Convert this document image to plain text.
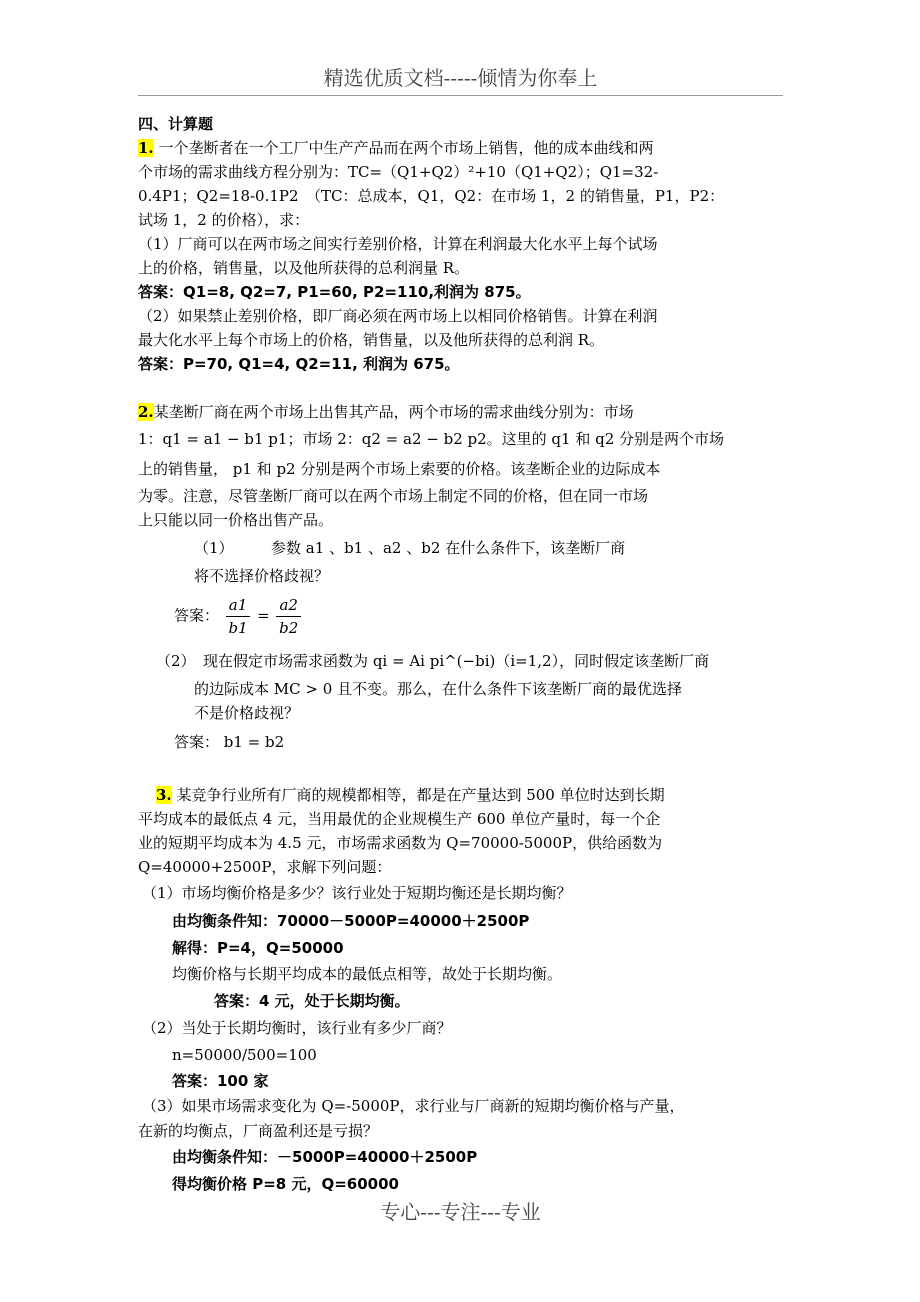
精选优质文档-----倾情为你奉上
四、计算题
1. 一个垄断者在一个工厂中生产产品而在两个市场上销售，他的成本曲线和两
个市场的需求曲线方程分别为：TC=（Q1+Q2）²+10（Q1+Q2）；Q1=32-
0.4P1；Q2=18-0.1P2　（TC：总成本，Q1，Q2：在市场 1，2 的销售量，P1，P2：
试场 1，2 的价格），求：
（1）厂商可以在两市场之间实行差别价格，计算在利润最大化水平上每个试场
上的价格，销售量，以及他所获得的总利润量 R。
答案：Q1=8, Q2=7, P1=60, P2=110,利润为 875。
（2）如果禁止差别价格，即厂商必须在两市场上以相同价格销售。计算在利润
最大化水平上每个市场上的价格，销售量，以及他所获得的总利润 R。
答案：P=70, Q1=4, Q2=11, 利润为 675。
2.某垄断厂商在两个市场上出售其产品，两个市场的需求曲线分别为：市场
1：q1 = a1 − b1 p1；市场 2：q2 = a2 − b2 p2。这里的 q1 和 q2 分别是两个市场
上的销售量， p1 和 p2 分别是两个市场上索要的价格。该垄断企业的边际成本
为零。注意，尽管垄断厂商可以在两个市场上制定不同的价格，但在同一市场
上只能以同一价格出售产品。
（1）　　　参数 a1 、b1 、a2 、b2 在什么条件下，该垄断厂商
将不选择价格歧视？
答案： $\frac{a1}{b1} = \frac{a2}{b2}$
（2）　现在假定市场需求函数为 qi = Ai pi^(−bi)（i=1,2），同时假定该垄断厂商
的边际成本 MC > 0 且不变。那么，在什么条件下该垄断厂商的最优选择
不是价格歧视？
答案： b1 = b2
3. 某竞争行业所有厂商的规模都相等，都是在产量达到 500 单位时达到长期
平均成本的最低点 4 元，当用最优的企业规模生产 600 单位产量时，每一个企
业的短期平均成本为 4.5 元，市场需求函数为 Q=70000-5000P，供给函数为
Q=40000+2500P，求解下列问题：
（1）市场均衡价格是多少？该行业处于短期均衡还是长期均衡？
由均衡条件知：70000－5000P=40000＋2500P
解得：P=4，Q=50000
均衡价格与长期平均成本的最低点相等，故处于长期均衡。
答案：4 元，处于长期均衡。
（2）当处于长期均衡时，该行业有多少厂商？
n=50000/500=100
答案：100 家
（3）如果市场需求变化为 Q=-5000P，求行业与厂商新的短期均衡价格与产量，
在新的均衡点，厂商盈利还是亏损？
由均衡条件知：－5000P=40000＋2500P
得均衡价格 P=8 元，Q=60000
专心---专注---专业
